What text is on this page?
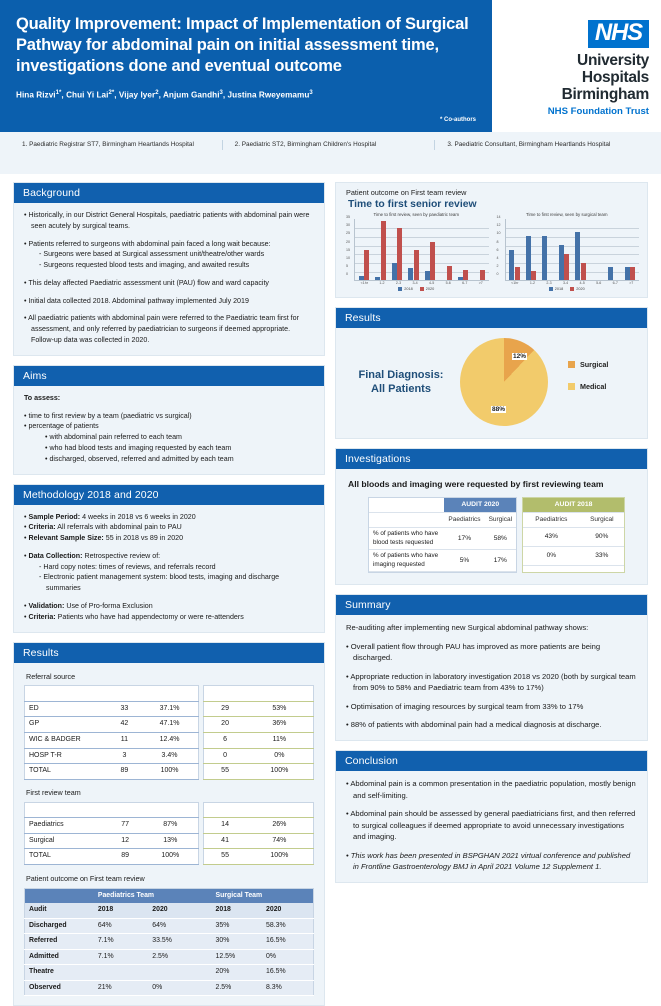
Quality Improvement: Impact of Implementation of Surgical Pathway for abdominal pain on initial assessment time, investigations done and eventual outcome
Hina Rizvi$^{1*}$, Chui Yi Lai$^{2*}$, Vijay Iyer$^2$, Anjum Gandhi$^3$, Justina Rweyemamu$^3$
* Co-authors
NHS
University Hospitals
Birmingham
NHS Foundation Trust
1. Paediatric Registrar ST7, Birmingham Heartlands Hospital	2. Paediatric ST2, Birmingham Children's Hospital	3. Paediatric Consultant, Birmingham Heartlands Hospital
Background
• Historically, in our District General Hospitals, paediatric patients with abdominal pain were seen acutely by surgical teams.
• Patients referred to surgeons with abdominal pain faced a long wait because:
- Surgeons were based at Surgical assessment unit/theatre/other wards
- Surgeons requested blood tests and imaging, and awaited results
• This delay affected Paediatric assessment unit (PAU) flow and ward capacity
• Initial data collected 2018. Abdominal pathway implemented July 2019
• All paediatric patients with abdominal pain were referred to the Paediatric team first for assessment, and only referred by paediatrician to surgeons if deemed appropriate. Follow-up data was collected in 2020.
Aims
To assess:
• time to first review by a team (paediatric vs surgical)
• percentage of patients
• with abdominal pain referred to each team
• who had blood tests and imaging requested by each team
• discharged, observed, referred and admitted by each team
Methodology 2018 and 2020
• Sample Period: 4 weeks in 2018 vs 6 weeks in 2020
• Criteria: All referrals with abdominal pain to PAU
• Relevant Sample Size: 55 in 2018 vs 89 in 2020
• Data Collection: Retrospective review of:
- Hard copy notes: times of reviews, and referrals record
- Electronic patient management system: blood tests, imaging and discharge summaries
• Validation: Use of Pro-forma Exclusion
• Criteria: Patients who have had appendectomy or were re-attenders
Results
Referral source
Referral source	AUDIT 2020	
ED	33	37.1%
GP	42	47.1%
WIC & BADGER	11	12.4%
HOSP T-R	3	3.4%
TOTAL	89	100%
AUDIT 2018	
29	53%
20	36%
6	11%
0	0%
55	100%
First review team
First review team	AUDIT 2020	
Paediatrics	77	87%
Surgical	12	13%
TOTAL	89	100%
AUDIT 2018	
14	26%
41	74%
55	100%
Patient outcome on First team review
	Paediatrics Team		Surgical Team	
Audit	2018	2020	2018	2020
Discharged	64%	64%	35%	58.3%
Referred	7.1%	33.5%	30%	16.5%
Admitted	7.1%	2.5%	12.5%	0%
Theatre			20%	16.5%
Observed	21%	0%	2.5%	8.3%
Patient outcome on First team review
Time to first senior review
Time to first review, seen by paediatric team
35
30
25
20
15
10
5
0
<1hr	1-2	2-3	3-4	4-5	5-6	6-7	>7
2018	2020
Time to first review, seen by surgical team
14
12
10
8
6
4
2
0
<1hr	1-2	2-3	3-4	4-5	5-6	6-7	>7
2018	2020
Results
Final Diagnosis:
All Patients
12%
88%
Surgical
Medical
Investigations
All bloods and imaging were requested by first reviewing team
	AUDIT 2020	
	Paediatrics	Surgical
% of patients who have blood tests requested	17%	58%
% of patients who have imaging requested	5%	17%
AUDIT 2018	
Paediatrics	Surgical
43%	90%
0%	33%
Summary
Re-auditing after implementing new Surgical abdominal pathway shows:
• Overall patient flow through PAU has improved as more patients are being discharged.
• Appropriate reduction in laboratory investigation 2018 vs 2020 (both by surgical team from 90% to 58% and Paediatric team from 43% to 17%)
• Optimisation of imaging resources by surgical team from 33% to 17%
• 88% of patients with abdominal pain had a medical diagnosis at discharge.
Conclusion
• Abdominal pain is a common presentation in the paediatric population, mostly benign and self-limiting.
• Abdominal pain should be assessed by general paediatricians first, and then referred to surgical colleagues if deemed appropriate to avoid unnecessary investigations and imaging.
• This work has been presented in BSPGHAN 2021 virtual conference and published in Frontline Gastroenterology BMJ in April 2021 Volume 12 Supplement 1.
